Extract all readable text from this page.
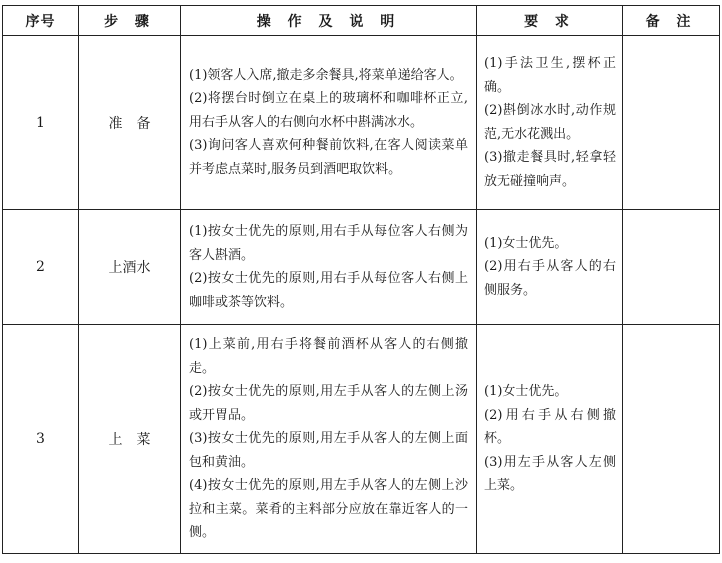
序号	步 骤	操 作 及 说 明	要 求	备 注
1	准　备	(1)领客人入席,撤走多余餐具,将菜单递给客人。
(2)将摆台时倒立在桌上的玻璃杯和咖啡杯正立,用右手从客人的右侧向水杯中斟满冰水。
(3)询问客人喜欢何种餐前饮料,在客人阅读菜单并考虑点菜时,服务员到酒吧取饮料。	(1)手法卫生,摆杯正确。
(2)斟倒冰水时,动作规范,无水花溅出。
(3)撤走餐具时,轻拿轻放无碰撞响声。	

2	上酒水	(1)按女士优先的原则,用右手从每位客人右侧为客人斟酒。
(2)按女士优先的原则,用右手从每位客人右侧上咖啡或茶等饮料。	(1)女士优先。
(2)用右手从客人的右侧服务。	

3	上　菜	(1)上菜前,用右手将餐前酒杯从客人的右侧撤走。
(2)按女士优先的原则,用左手从客人的左侧上汤或开胃品。
(3)按女士优先的原则,用左手从客人的左侧上面包和黄油。
(4)按女士优先的原则,用左手从客人的左侧上沙拉和主菜。菜肴的主料部分应放在靠近客人的一侧。	(1)女士优先。
(2)用右手从右侧撤杯。
(3)用左手从客人左侧上菜。	
